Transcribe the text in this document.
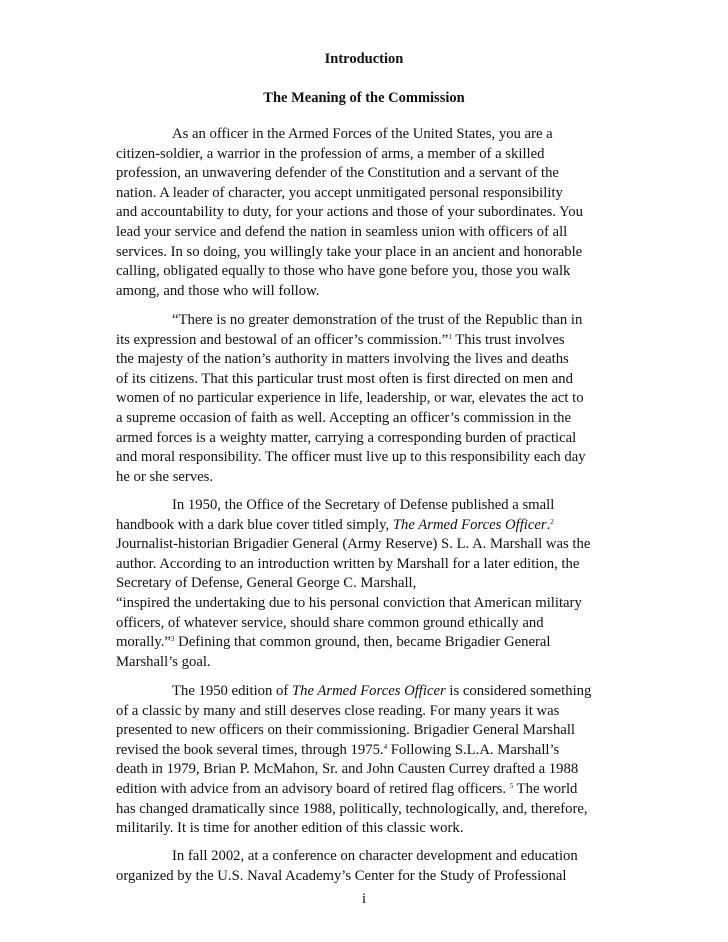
Introduction
The Meaning of the Commission

As an officer in the Armed Forces of the United States, you are a
citizen-soldier, a warrior in the profession of arms, a member of a skilled
profession, an unwavering defender of the Constitution and a servant of the
nation. A leader of character, you accept unmitigated personal responsibility
and accountability to duty, for your actions and those of your subordinates. You
lead your service and defend the nation in seamless union with officers of all
services. In so doing, you willingly take your place in an ancient and honorable
calling, obligated equally to those who have gone before you, those you walk
among, and those who will follow.

“There is no greater demonstration of the trust of the Republic than in
its expression and bestowal of an officer’s commission.”$^1$ This trust involves
the majesty of the nation’s authority in matters involving the lives and deaths
of its citizens. That this particular trust most often is first directed on men and
women of no particular experience in life, leadership, or war, elevates the act to
a supreme occasion of faith as well. Accepting an officer’s commission in the
armed forces is a weighty matter, carrying a corresponding burden of practical
and moral responsibility. The officer must live up to this responsibility each day
he or she serves.

In 1950, the Office of the Secretary of Defense published a small
handbook with a dark blue cover titled simply, The Armed Forces Officer.$^2$
Journalist-historian Brigadier General (Army Reserve) S. L. A. Marshall was the
author. According to an introduction written by Marshall for a later edition, the
Secretary of Defense, General George C. Marshall,
“inspired the undertaking due to his personal conviction that American military
officers, of whatever service, should share common ground ethically and
morally.”$^3$ Defining that common ground, then, became Brigadier General
Marshall’s goal.

The 1950 edition of The Armed Forces Officer is considered something
of a classic by many and still deserves close reading. For many years it was
presented to new officers on their commissioning. Brigadier General Marshall
revised the book several times, through 1975.$^4$ Following S.L.A. Marshall’s
death in 1979, Brian P. McMahon, Sr. and John Causten Currey drafted a 1988
edition with advice from an advisory board of retired flag officers. $^5$ The world
has changed dramatically since 1988, politically, technologically, and, therefore,
militarily. It is time for another edition of this classic work.

In fall 2002, at a conference on character development and education
organized by the U.S. Naval Academy’s Center for the Study of Professional

i
